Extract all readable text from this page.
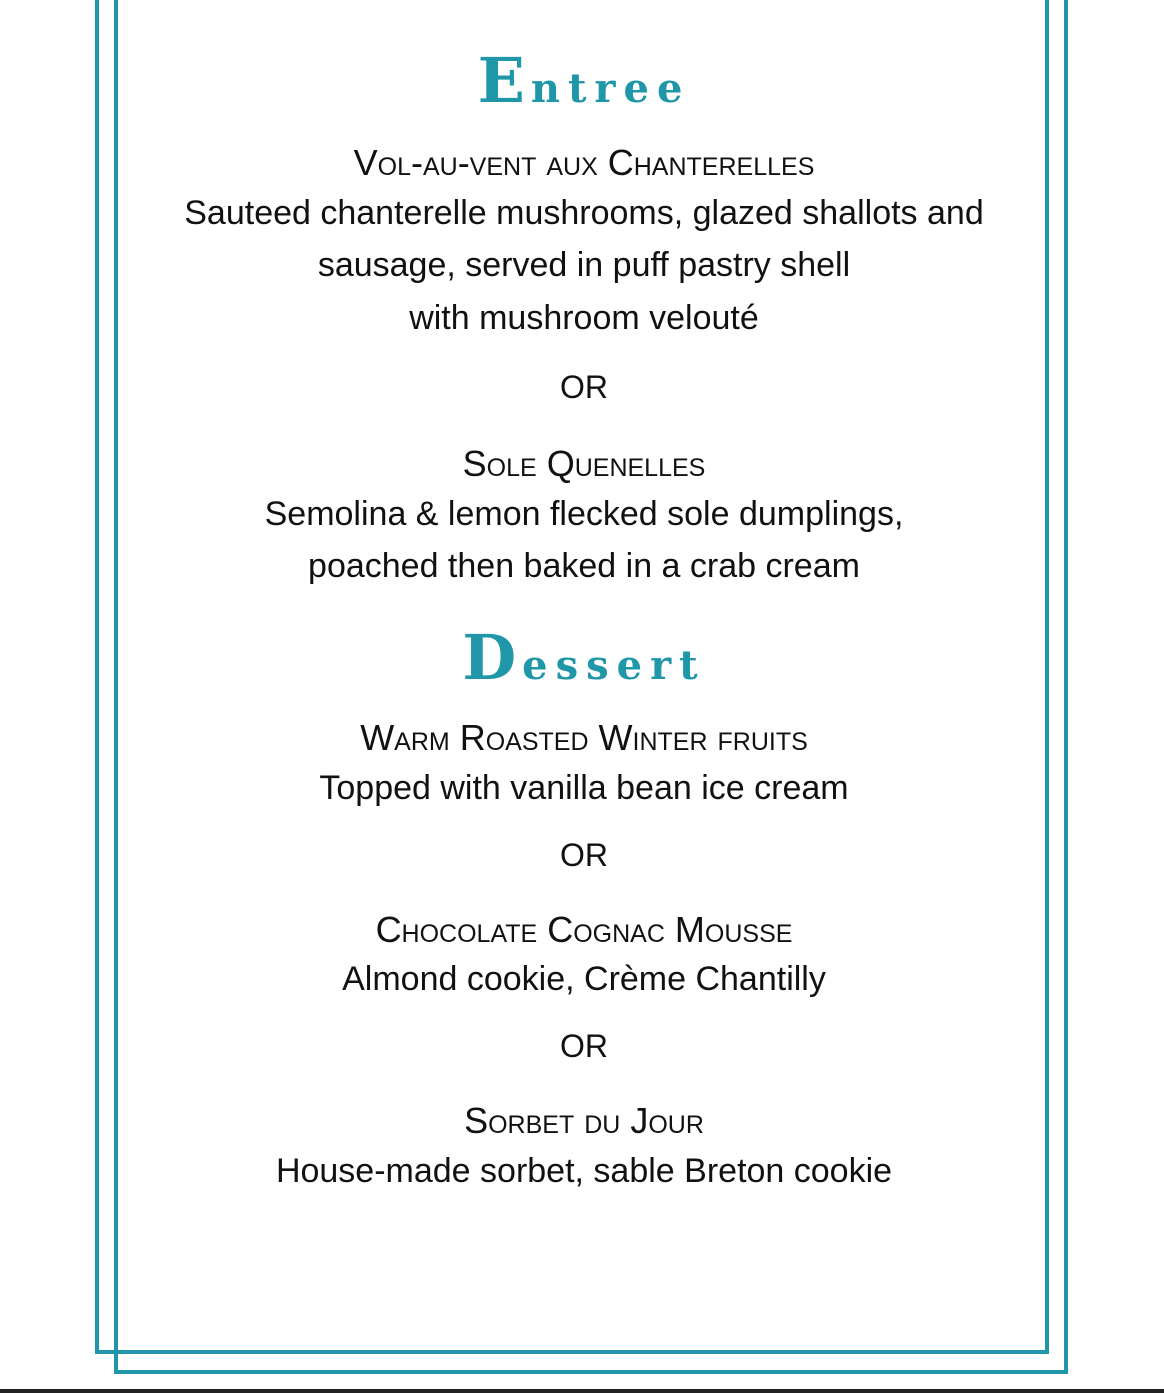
Entree

Vol-au-vent aux Chanterelles

Sauteed chanterelle mushrooms, glazed shallots and

sausage, served in puff pastry shell

with mushroom velouté

OR

Sole Quenelles

Semolina & lemon flecked sole dumplings,

poached then baked in a crab cream

Dessert

Warm Roasted Winter fruits

Topped with vanilla bean ice cream

OR

Chocolate Cognac Mousse

Almond cookie, Crème Chantilly

OR

Sorbet du Jour

House-made sorbet, sable Breton cookie
